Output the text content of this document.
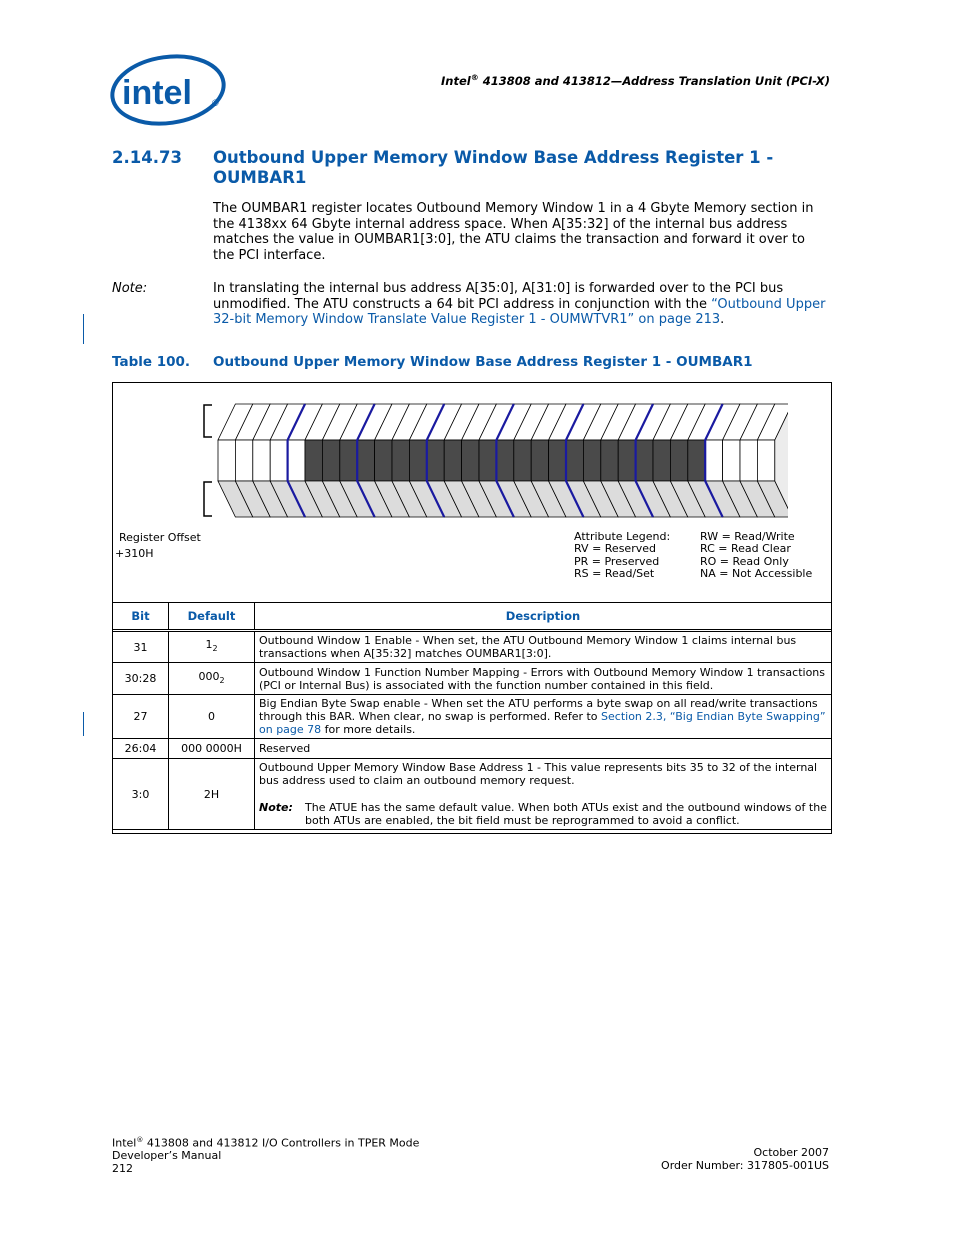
intel ®
Intel® 413808 and 413812—Address Translation Unit (PCI-X)
2.14.73 Outbound Upper Memory Window Base Address Register 1 - OUMBAR1
The OUMBAR1 register locates Outbound Memory Window 1 in a 4 Gbyte Memory section in the 4138xx 64 Gbyte internal address space. When A[35:32] of the internal bus address matches the value in OUMBAR1[3:0], the ATU claims the transaction and forward it over to the PCI interface.
Note:	In translating the internal bus address A[35:0], A[31:0] is forwarded over to the PCI bus unmodified. The ATU constructs a 64 bit PCI address in conjunction with the “Outbound Upper 32-bit Memory Window Translate Value Register 1 - OUMWTVR1” on page 213.
Table 100. Outbound Upper Memory Window Base Address Register 1 - OUMBAR1
Register Offset
+310H
Attribute Legend:
RV = Reserved
PR = Preserved
RS = Read/Set
RW = Read/Write
RC = Read Clear
RO = Read Only
NA = Not Accessible
Bit	Default	Description
31	$1_2$	Outbound Window 1 Enable - When set, the ATU Outbound Memory Window 1 claims internal bus transactions when A[35:32] matches OUMBAR1[3:0].
30:28	$000_2$	Outbound Window 1 Function Number Mapping - Errors with Outbound Memory Window 1 transactions (PCI or Internal Bus) is associated with the function number contained in this field.
27	0	Big Endian Byte Swap enable - When set the ATU performs a byte swap on all read/write transactions through this BAR. When clear, no swap is performed. Refer to Section 2.3, “Big Endian Byte Swapping” on page 78 for more details.
26:04	000 0000H	Reserved
3:0	2H	Outbound Upper Memory Window Base Address 1 - This value represents bits 35 to 32 of the internal bus address used to claim an outbound memory request.
Note: The ATUE has the same default value. When both ATUs exist and the outbound windows of the both ATUs are enabled, the bit field must be reprogrammed to avoid a conflict.
Intel® 413808 and 413812 I/O Controllers in TPER Mode
Developer’s Manual
212
October 2007
Order Number: 317805-001US
